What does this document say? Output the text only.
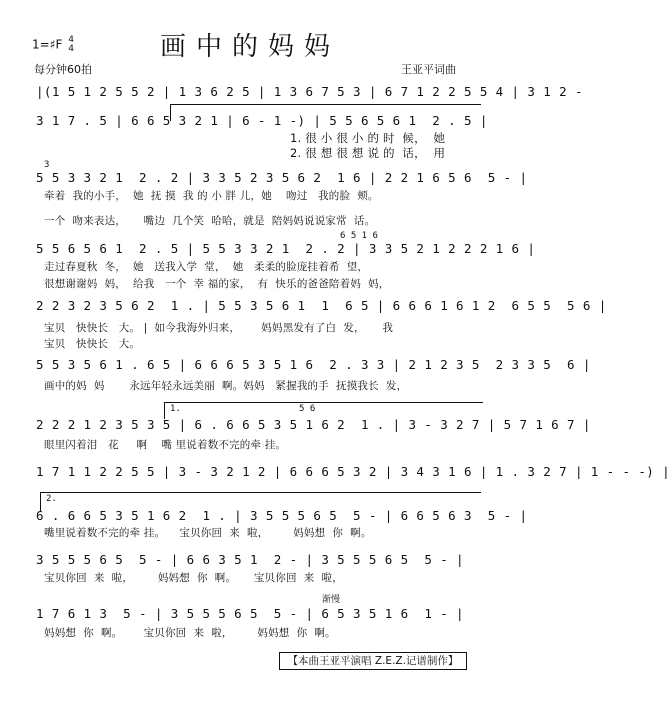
1=♯F 4
4	画中的妈妈
每分钟60拍	王亚平词曲
|(1 5 1 2 5 5 2 | 1 3 6 2 5 | 1 3 6 7 5 3 | 6 7 1 2 2 5 5 4 | 3 1 2 -
3 1 7 . 5 | 6 6 5 3 2 1 | 6 - 1 -) | 5 5 6 5 6 1  2 . 5 |
1. 很 小 很 小 的 时  候，  她
2. 很 想 很 想 说 的  话，  用
3
5 5 3 3 2 1  2 . 2 | 3 3 5 2 3 5 6 2  1 6 | 2 2 1 6 5 6  5 - |
牵着  我的小手，  她  抚 摸  我 的 小 胖 儿，她    吻过   我的脸  颊。
一个  吻来表达，     嘴边  几个笑  哈哈，就是  陪妈妈说说家常  话。
6 5 1 6
5 5 6 5 6 1  2 . 5 | 5 5 3 3 2 1  2 . 2 | 3 3 5 2 1 2 2 2 1 6 |
走过春夏秋  冬，  她   送我入学  堂，  她   柔柔的脸庞挂着希  望，
很想谢谢妈  妈，  给我   一个  幸 福的家，  有  快乐的爸爸陪着妈  妈，
2 2 3 2 3 5 6 2  1 . | 5 5 3 5 6 1  1  6 5 | 6 6 6 1 6 1 2  6 5 5  5 6 |
宝贝   快快长   大。 |  如今我海外归来，      妈妈黑发有了白  发，     我
宝贝   快快长   大。
5 5 3 5 6 1 . 6 5 | 6 6 6 5 3 5 1 6  2 . 3 3 | 2 1 2 3 5  2 3 3 5  6 |
画中的妈  妈       永远年轻永远美丽  啊。妈妈   紧握我的手  抚摸我长  发，
1.	5 6
2 2 2 1 2 3 5 3 5 | 6 . 6 6 5 3 5 1 6 2  1 . | 3 - 3 2 7 | 5 7 1 6 7 |
眼里闪着泪   花     啊    嘴 里说着数不完的牵 挂。
1 7 1 1 2 2 5 5 | 3 - 3 2 1 2 | 6 6 6 5 3 2 | 3 4 3 1 6 | 1 . 3 2 7 | 1 - - -) |
2.
6 . 6 6 5 3 5 1 6 2  1 . | 3 5 5 5 6 5  5 - | 6 6 5 6 3  5 - |
嘴里说着数不完的牵 挂。    宝贝你回  来  啦，       妈妈想  你  啊。
3 5 5 5 6 5  5 - | 6 6 3 5 1  2 - | 3 5 5 5 6 5  5 - |
宝贝你回  来  啦，       妈妈想  你  啊。     宝贝你回  来  啦，
渐慢
1 7 6 1 3  5 - | 3 5 5 5 6 5  5 - | 6 5 3 5 1 6  1 - |
妈妈想  你  啊。      宝贝你回  来  啦，       妈妈想  你  啊。
【本曲王亚平演唱 Z.E.Z.记谱制作】
